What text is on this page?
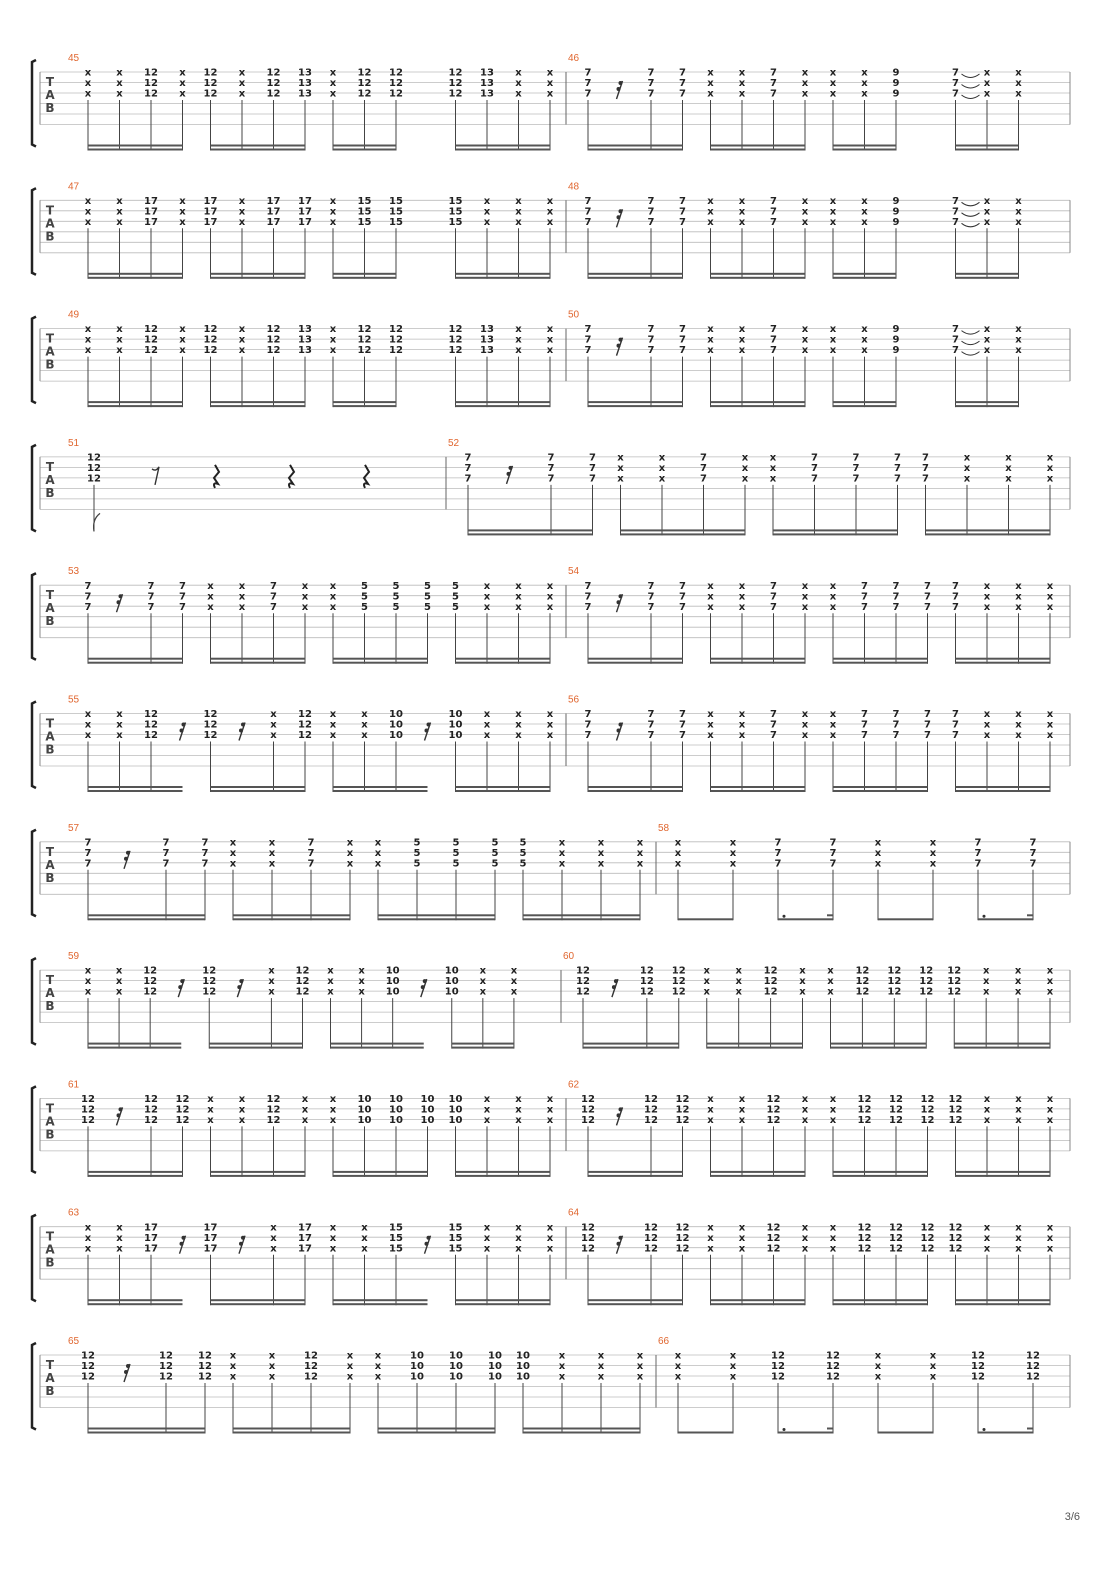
T
A
B
45
x
x
x
x
x
x
12
12
12
x
x
x
12
12
12
x
x
x
12
12
12
13
13
13
x
x
x
12
12
12
12
12
12
12
12
12
13
13
13
x
x
x
x
x
x
46
7
7
7
7
7
7
7
7
7
x
x
x
x
x
x
7
7
7
x
x
x
x
x
x
x
x
x
9
9
9
7
7
7
x
x
x
x
x
x
T
A
B
47
x
x
x
x
x
x
17
17
17
x
x
x
17
17
17
x
x
x
17
17
17
17
17
17
x
x
x
15
15
15
15
15
15
15
15
15
x
x
x
x
x
x
x
x
x
48
7
7
7
7
7
7
7
7
7
x
x
x
x
x
x
7
7
7
x
x
x
x
x
x
x
x
x
9
9
9
7
7
7
x
x
x
x
x
x
T
A
B
49
x
x
x
x
x
x
12
12
12
x
x
x
12
12
12
x
x
x
12
12
12
13
13
13
x
x
x
12
12
12
12
12
12
12
12
12
13
13
13
x
x
x
x
x
x
50
7
7
7
7
7
7
7
7
7
x
x
x
x
x
x
7
7
7
x
x
x
x
x
x
x
x
x
9
9
9
7
7
7
x
x
x
x
x
x
T
A
B
51
12
12
12
52
7
7
7
7
7
7
7
7
7
x
x
x
x
x
x
7
7
7
x
x
x
x
x
x
7
7
7
7
7
7
7
7
7
7
7
7
x
x
x
x
x
x
x
x
x
T
A
B
53
7
7
7
7
7
7
7
7
7
x
x
x
x
x
x
7
7
7
x
x
x
x
x
x
5
5
5
5
5
5
5
5
5
5
5
5
x
x
x
x
x
x
x
x
x
54
7
7
7
7
7
7
7
7
7
x
x
x
x
x
x
7
7
7
x
x
x
x
x
x
7
7
7
7
7
7
7
7
7
7
7
7
x
x
x
x
x
x
x
x
x
T
A
B
55
x
x
x
x
x
x
12
12
12
12
12
12
x
x
x
12
12
12
x
x
x
x
x
x
10
10
10
10
10
10
x
x
x
x
x
x
x
x
x
56
7
7
7
7
7
7
7
7
7
x
x
x
x
x
x
7
7
7
x
x
x
x
x
x
7
7
7
7
7
7
7
7
7
7
7
7
x
x
x
x
x
x
x
x
x
T
A
B
57
7
7
7
7
7
7
7
7
7
x
x
x
x
x
x
7
7
7
x
x
x
x
x
x
5
5
5
5
5
5
5
5
5
5
5
5
x
x
x
x
x
x
x
x
x
58
x
x
x
x
x
x
7
7
7
7
7
7
x
x
x
x
x
x
7
7
7
7
7
7
T
A
B
59
x
x
x
x
x
x
12
12
12
12
12
12
x
x
x
12
12
12
x
x
x
x
x
x
10
10
10
10
10
10
x
x
x
x
x
x
60
12
12
12
12
12
12
12
12
12
x
x
x
x
x
x
12
12
12
x
x
x
x
x
x
12
12
12
12
12
12
12
12
12
12
12
12
x
x
x
x
x
x
x
x
x
T
A
B
61
12
12
12
12
12
12
12
12
12
x
x
x
x
x
x
12
12
12
x
x
x
x
x
x
10
10
10
10
10
10
10
10
10
10
10
10
x
x
x
x
x
x
x
x
x
62
12
12
12
12
12
12
12
12
12
x
x
x
x
x
x
12
12
12
x
x
x
x
x
x
12
12
12
12
12
12
12
12
12
12
12
12
x
x
x
x
x
x
x
x
x
T
A
B
63
x
x
x
x
x
x
17
17
17
17
17
17
x
x
x
17
17
17
x
x
x
x
x
x
15
15
15
15
15
15
x
x
x
x
x
x
x
x
x
64
12
12
12
12
12
12
12
12
12
x
x
x
x
x
x
12
12
12
x
x
x
x
x
x
12
12
12
12
12
12
12
12
12
12
12
12
x
x
x
x
x
x
x
x
x
T
A
B
65
12
12
12
12
12
12
12
12
12
x
x
x
x
x
x
12
12
12
x
x
x
x
x
x
10
10
10
10
10
10
10
10
10
10
10
10
x
x
x
x
x
x
x
x
x
66
x
x
x
x
x
x
12
12
12
12
12
12
x
x
x
x
x
x
12
12
12
12
12
12
3/6
